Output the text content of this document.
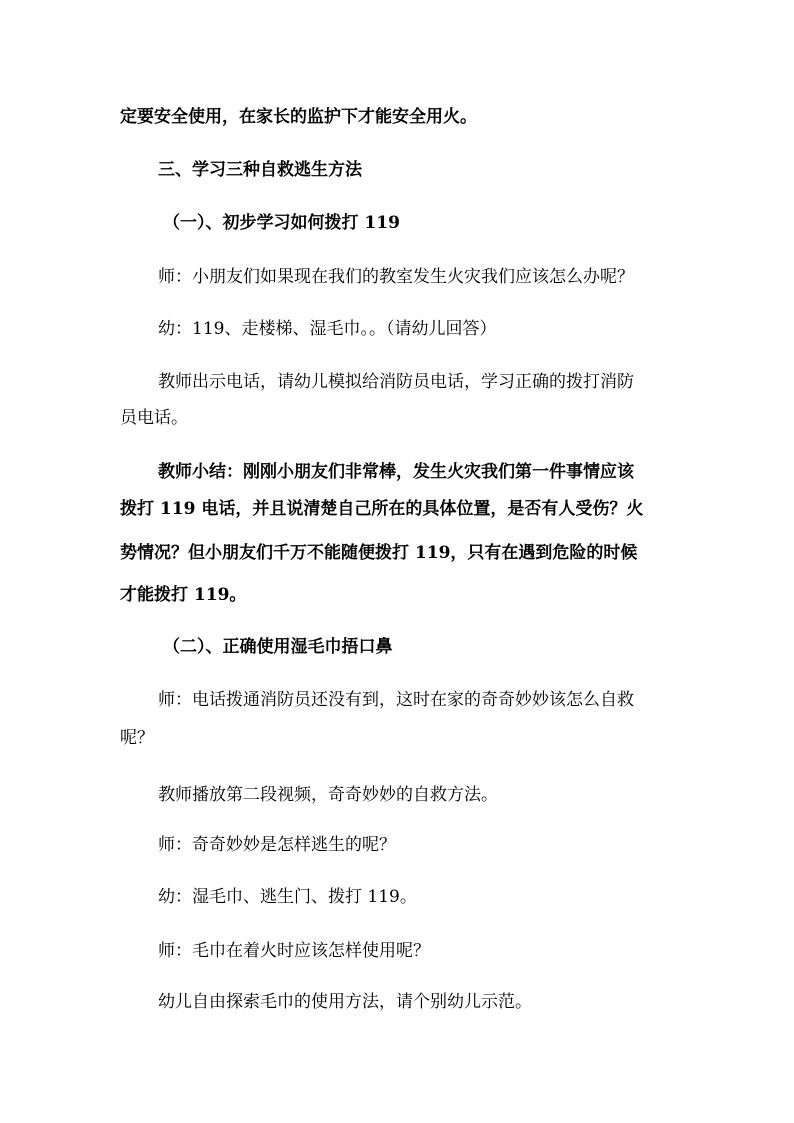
定要安全使用，在家长的监护下才能安全用火。
三、学习三种自救逃生方法
（一）、初步学习如何拨打 119
师：小朋友们如果现在我们的教室发生火灾我们应该怎么办呢？
幼：119、走楼梯、湿毛巾。。（请幼儿回答）
教师出示电话，请幼儿模拟给消防员电话，学习正确的拨打消防
员电话。
教师小结：刚刚小朋友们非常棒，发生火灾我们第一件事情应该
拨打 119 电话，并且说清楚自己所在的具体位置，是否有人受伤？火
势情况？但小朋友们千万不能随便拨打 119，只有在遇到危险的时候
才能拨打 119。
（二）、正确使用湿毛巾捂口鼻
师：电话拨通消防员还没有到，这时在家的奇奇妙妙该怎么自救
呢？
教师播放第二段视频，奇奇妙妙的自救方法。
师：奇奇妙妙是怎样逃生的呢？
幼：湿毛巾、逃生门、拨打 119。
师：毛巾在着火时应该怎样使用呢？
幼儿自由探索毛巾的使用方法，请个别幼儿示范。
